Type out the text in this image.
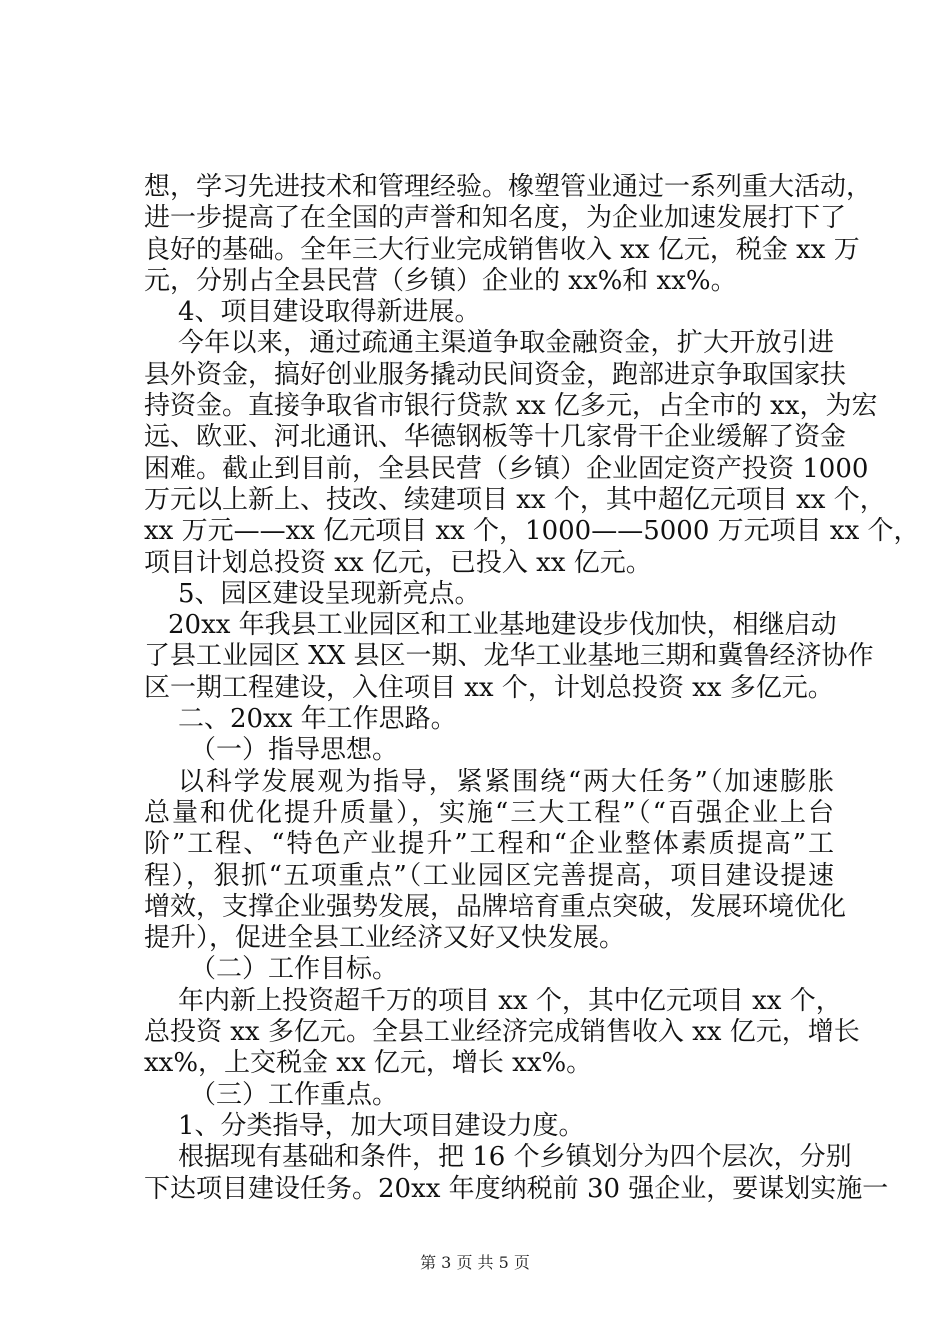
想，学习先进技术和管理经验。橡塑管业通过一系列重大活动，
进一步提高了在全国的声誉和知名度，为企业加速发展打下了
良好的基础。全年三大行业完成销售收入 xx 亿元，税金 xx 万
元，分别占全县民营（乡镇）企业的 xx%和 xx%。
4、项目建设取得新进展。
今年以来，通过疏通主渠道争取金融资金，扩大开放引进
县外资金，搞好创业服务撬动民间资金，跑部进京争取国家扶
持资金。直接争取省市银行贷款 xx 亿多元，占全市的 xx，为宏
远、欧亚、河北通讯、华德钢板等十几家骨干企业缓解了资金
困难。截止到目前，全县民营（乡镇）企业固定资产投资 1000
万元以上新上、技改、续建项目 xx 个，其中超亿元项目 xx 个，
xx 万元——xx 亿元项目 xx 个，1000——5000 万元项目 xx 个，
项目计划总投资 xx 亿元，已投入 xx 亿元。
5、园区建设呈现新亮点。
20xx 年我县工业园区和工业基地建设步伐加快，相继启动
了县工业园区 XX 县区一期、龙华工业基地三期和冀鲁经济协作
区一期工程建设，入住项目 xx 个，计划总投资 xx 多亿元。
二、20xx 年工作思路。
（一）指导思想。
以科学发展观为指导，紧紧围绕“两大任务”（加速膨胀
总量和优化提升质量），实施“三大工程”（“百强企业上台
阶”工程、“特色产业提升”工程和“企业整体素质提高”工
程），狠抓“五项重点”（工业园区完善提高，项目建设提速
增效，支撑企业强势发展，品牌培育重点突破，发展环境优化
提升），促进全县工业经济又好又快发展。
（二）工作目标。
年内新上投资超千万的项目 xx 个，其中亿元项目 xx 个，
总投资 xx 多亿元。全县工业经济完成销售收入 xx 亿元，增长
xx%，上交税金 xx 亿元，增长 xx%。
（三）工作重点。
1、分类指导，加大项目建设力度。
根据现有基础和条件，把 16 个乡镇划分为四个层次，分别
下达项目建设任务。20xx 年度纳税前 30 强企业，要谋划实施一
第 3 页 共 5 页
